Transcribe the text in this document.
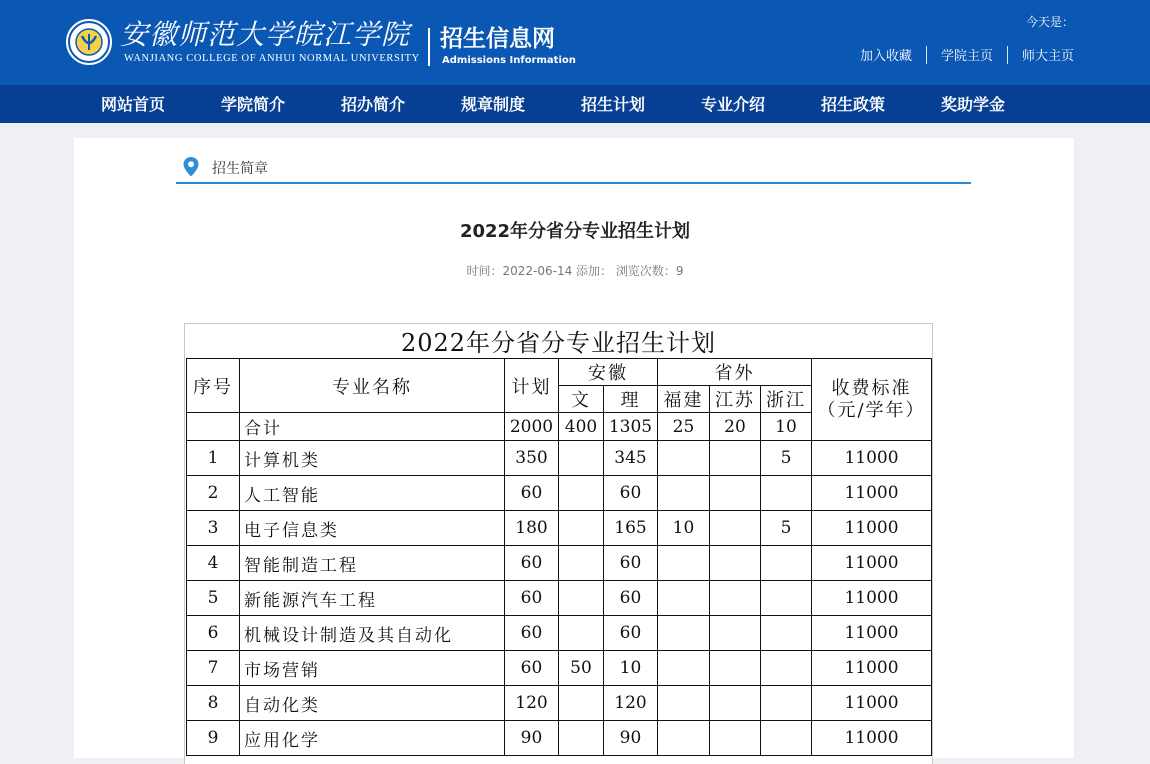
安徽师范大学皖江学院
WANJIANG COLLEGE OF ANHUI NORMAL UNIVERSITY
招生信息网
Admissions Information
今天是：
加入收藏 学院主页 师大主页
网站首页	学院简介	招办简介	规章制度	招生计划	专业介绍	招生政策	奖助学金
招生简章
2022年分省分专业招生计划
时间：2022-06-14 添加： 浏览次数：9
2022年分省分专业招生计划
序号	专业名称	计划	安徽		省外			收费标准（元/学年）
			文	理	福建	江苏	浙江	
	合计	2000	400	1305	25	20	10	
1	计算机类	350		345			5	11000
2	人工智能	60		60				11000
3	电子信息类	180		165	10		5	11000
4	智能制造工程	60		60				11000
5	新能源汽车工程	60		60				11000
6	机械设计制造及其自动化	60		60				11000
7	市场营销	60	50	10				11000
8	自动化类	120		120				11000
9	应用化学	90		90				11000
